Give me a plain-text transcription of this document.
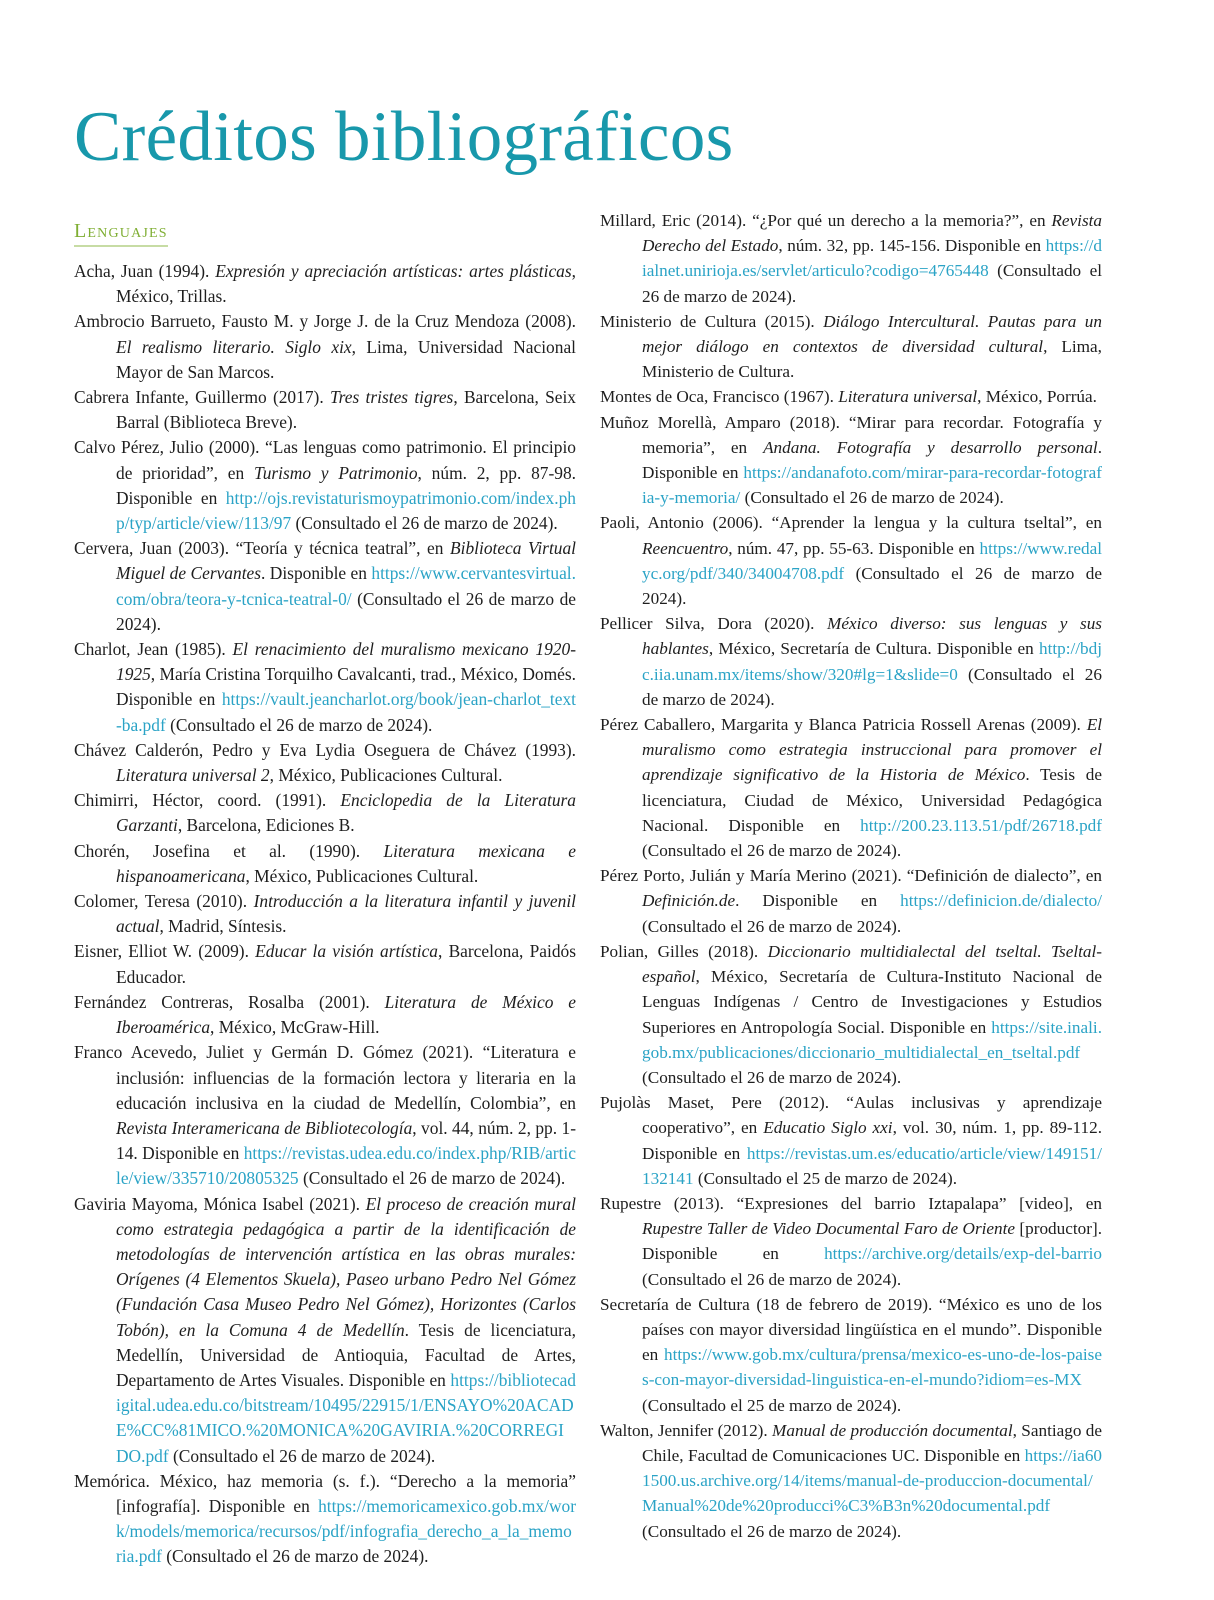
Créditos bibliográficos
Lenguajes

Acha, Juan (1994). Expresión y apreciación artísticas: artes plásticas, México, Trillas.

Ambrocio Barrueto, Fausto M. y Jorge J. de la Cruz Mendoza (2008). El realismo literario. Siglo xix, Lima, Universidad Nacional Mayor de San Marcos.

Cabrera Infante, Guillermo (2017). Tres tristes tigres, Barcelona, Seix Barral (Biblioteca Breve).

Calvo Pérez, Julio (2000). “Las lenguas como patrimonio. El principio de prioridad”, en Turismo y Patrimonio, núm. 2, pp. 87-98. Disponible en http://ojs.revistaturismoypatrimonio.com/index.php/typ/article/view/113/97 (Consultado el 26 de marzo de 2024).

Cervera, Juan (2003). “Teoría y técnica teatral”, en Biblioteca Virtual Miguel de Cervantes. Disponible en https://www.cervantesvirtual.com/obra/teora-y-tcnica-teatral-0/ (Consultado el 26 de marzo de 2024).

Charlot, Jean (1985). El renacimiento del muralismo mexicano 1920-1925, María Cristina Torquilho Cavalcanti, trad., México, Domés. Disponible en https://vault.jeancharlot.org/book/jean-charlot_text-ba.pdf (Consultado el 26 de marzo de 2024).

Chávez Calderón, Pedro y Eva Lydia Oseguera de Chávez (1993). Literatura universal 2, México, Publicaciones Cultural.

Chimirri, Héctor, coord. (1991). Enciclopedia de la Literatura Garzanti, Barcelona, Ediciones B.

Chorén, Josefina et al. (1990). Literatura mexicana e hispanoamericana, México, Publicaciones Cultural.

Colomer, Teresa (2010). Introducción a la literatura infantil y juvenil actual, Madrid, Síntesis.

Eisner, Elliot W. (2009). Educar la visión artística, Barcelona, Paidós Educador.

Fernández Contreras, Rosalba (2001). Literatura de México e Iberoamérica, México, McGraw-Hill.

Franco Acevedo, Juliet y Germán D. Gómez (2021). “Literatura e inclusión: influencias de la formación lectora y literaria en la educación inclusiva en la ciudad de Medellín, Colombia”, en Revista Interamericana de Bibliotecología, vol. 44, núm. 2, pp. 1-14. Disponible en https://revistas.udea.edu.co/index.php/RIB/article/view/335710/20805325 (Consultado el 26 de marzo de 2024).

Gaviria Mayoma, Mónica Isabel (2021). El proceso de creación mural como estrategia pedagógica a partir de la identificación de metodologías de intervención artística en las obras murales: Orígenes (4 Elementos Skuela), Paseo urbano Pedro Nel Gómez (Fundación Casa Museo Pedro Nel Gómez), Horizontes (Carlos Tobón), en la Comuna 4 de Medellín. Tesis de licenciatura, Medellín, Universidad de Antioquia, Facultad de Artes, Departamento de Artes Visuales. Disponible en https://bibliotecadigital.udea.edu.co/bitstream/10495/22915/1/ENSAYO%20ACADE%CC%81MICO.%20MONICA%20GAVIRIA.%20CORREGIDO.pdf (Consultado el 26 de marzo de 2024).

Memórica. México, haz memoria (s. f.). “Derecho a la memoria” [infografía]. Disponible en https://memoricamexico.gob.mx/work/models/memorica/recursos/pdf/infografia_derecho_a_la_memoria.pdf (Consultado el 26 de marzo de 2024).

Millard, Eric (2014). “¿Por qué un derecho a la memoria?”, en Revista Derecho del Estado, núm. 32, pp. 145-156. Disponible en https://dialnet.unirioja.es/servlet/articulo?codigo=4765448 (Consultado el 26 de marzo de 2024).

Ministerio de Cultura (2015). Diálogo Intercultural. Pautas para un mejor diálogo en contextos de diversidad cultural, Lima, Ministerio de Cultura.

Montes de Oca, Francisco (1967). Literatura universal, México, Porrúa.

Muñoz Morellà, Amparo (2018). “Mirar para recordar. Fotografía y memoria”, en Andana. Fotografía y desarrollo personal. Disponible en https://andanafoto.com/mirar-para-recordar-fotografia-y-memoria/ (Consultado el 26 de marzo de 2024).

Paoli, Antonio (2006). “Aprender la lengua y la cultura tseltal”, en Reencuentro, núm. 47, pp. 55-63. Disponible en https://www.redalyc.org/pdf/340/34004708.pdf (Consultado el 26 de marzo de 2024).

Pellicer Silva, Dora (2020). México diverso: sus lenguas y sus hablantes, México, Secretaría de Cultura. Disponible en http://bdjc.iia.unam.mx/items/show/320#lg=1&slide=0 (Consultado el 26 de marzo de 2024).

Pérez Caballero, Margarita y Blanca Patricia Rossell Arenas (2009). El muralismo como estrategia instruccional para promover el aprendizaje significativo de la Historia de México. Tesis de licenciatura, Ciudad de México, Universidad Pedagógica Nacional. Disponible en http://200.23.113.51/pdf/26718.pdf (Consultado el 26 de marzo de 2024).

Pérez Porto, Julián y María Merino (2021). “Definición de dialecto”, en Definición.de. Disponible en https://definicion.de/dialecto/ (Consultado el 26 de marzo de 2024).

Polian, Gilles (2018). Diccionario multidialectal del tseltal. Tseltal-español, México, Secretaría de Cultura-Instituto Nacional de Lenguas Indígenas / Centro de Investigaciones y Estudios Superiores en Antropología Social. Disponible en https://site.inali.gob.mx/publicaciones/diccionario_multidialectal_en_tseltal.pdf (Consultado el 26 de marzo de 2024).

Pujolàs Maset, Pere (2012). “Aulas inclusivas y aprendizaje cooperativo”, en Educatio Siglo xxi, vol. 30, núm. 1, pp. 89-112. Disponible en https://revistas.um.es/educatio/article/view/149151/132141 (Consultado el 25 de marzo de 2024).

Rupestre (2013). “Expresiones del barrio Iztapalapa” [video], en Rupestre Taller de Video Documental Faro de Oriente [productor]. Disponible en https://archive.org/details/exp-del-barrio (Consultado el 26 de marzo de 2024).

Secretaría de Cultura (18 de febrero de 2019). “México es uno de los países con mayor diversidad lingüística en el mundo”. Disponible en https://www.gob.mx/cultura/prensa/mexico-es-uno-de-los-paises-con-mayor-diversidad-linguistica-en-el-mundo?idiom=es-MX (Consultado el 25 de marzo de 2024).

Walton, Jennifer (2012). Manual de producción documental, Santiago de Chile, Facultad de Comunicaciones UC. Disponible en https://ia601500.us.archive.org/14/items/manual-de-produccion-documental/Manual%20de%20producci%C3%B3n%20documental.pdf (Consultado el 26 de marzo de 2024).
